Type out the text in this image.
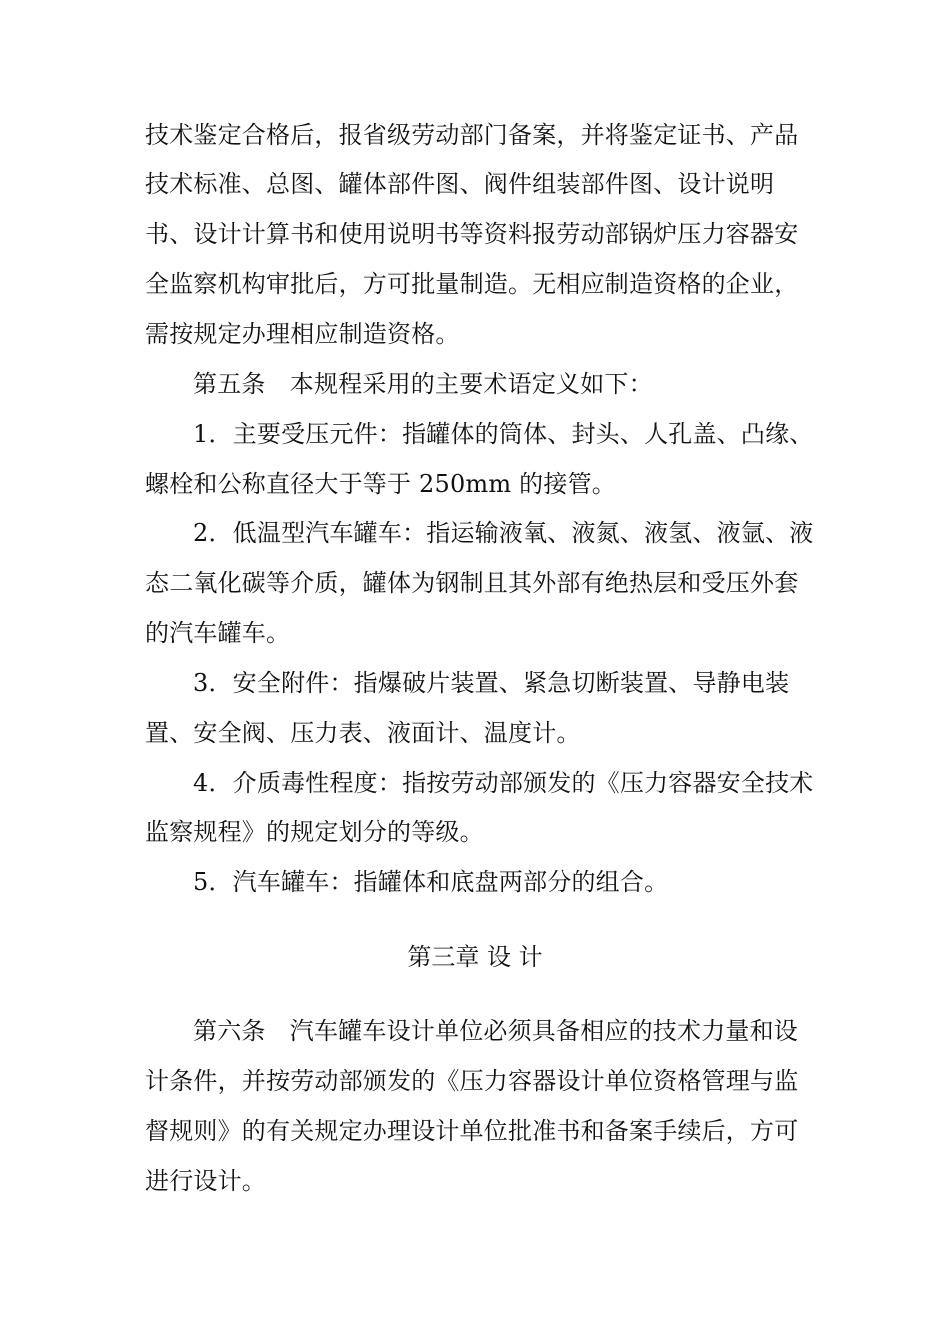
技术鉴定合格后，报省级劳动部门备案，并将鉴定证书、产品
技术标准、总图、罐体部件图、阀件组装部件图、设计说明
书、设计计算书和使用说明书等资料报劳动部锅炉压力容器安
全监察机构审批后，方可批量制造。无相应制造资格的企业，
需按规定办理相应制造资格。
第五条　本规程采用的主要术语定义如下：
1．主要受压元件：指罐体的筒体、封头、人孔盖、凸缘、
螺栓和公称直径大于等于 250mm 的接管。
2．低温型汽车罐车：指运输液氧、液氮、液氢、液氩、液
态二氧化碳等介质，罐体为钢制且其外部有绝热层和受压外套
的汽车罐车。
3．安全附件：指爆破片装置、紧急切断装置、导静电装
置、安全阀、压力表、液面计、温度计。
4．介质毒性程度：指按劳动部颁发的《压力容器安全技术
监察规程》的规定划分的等级。
5．汽车罐车：指罐体和底盘两部分的组合。
第三章 设 计
第六条　汽车罐车设计单位必须具备相应的技术力量和设
计条件，并按劳动部颁发的《压力容器设计单位资格管理与监
督规则》的有关规定办理设计单位批准书和备案手续后，方可
进行设计。
